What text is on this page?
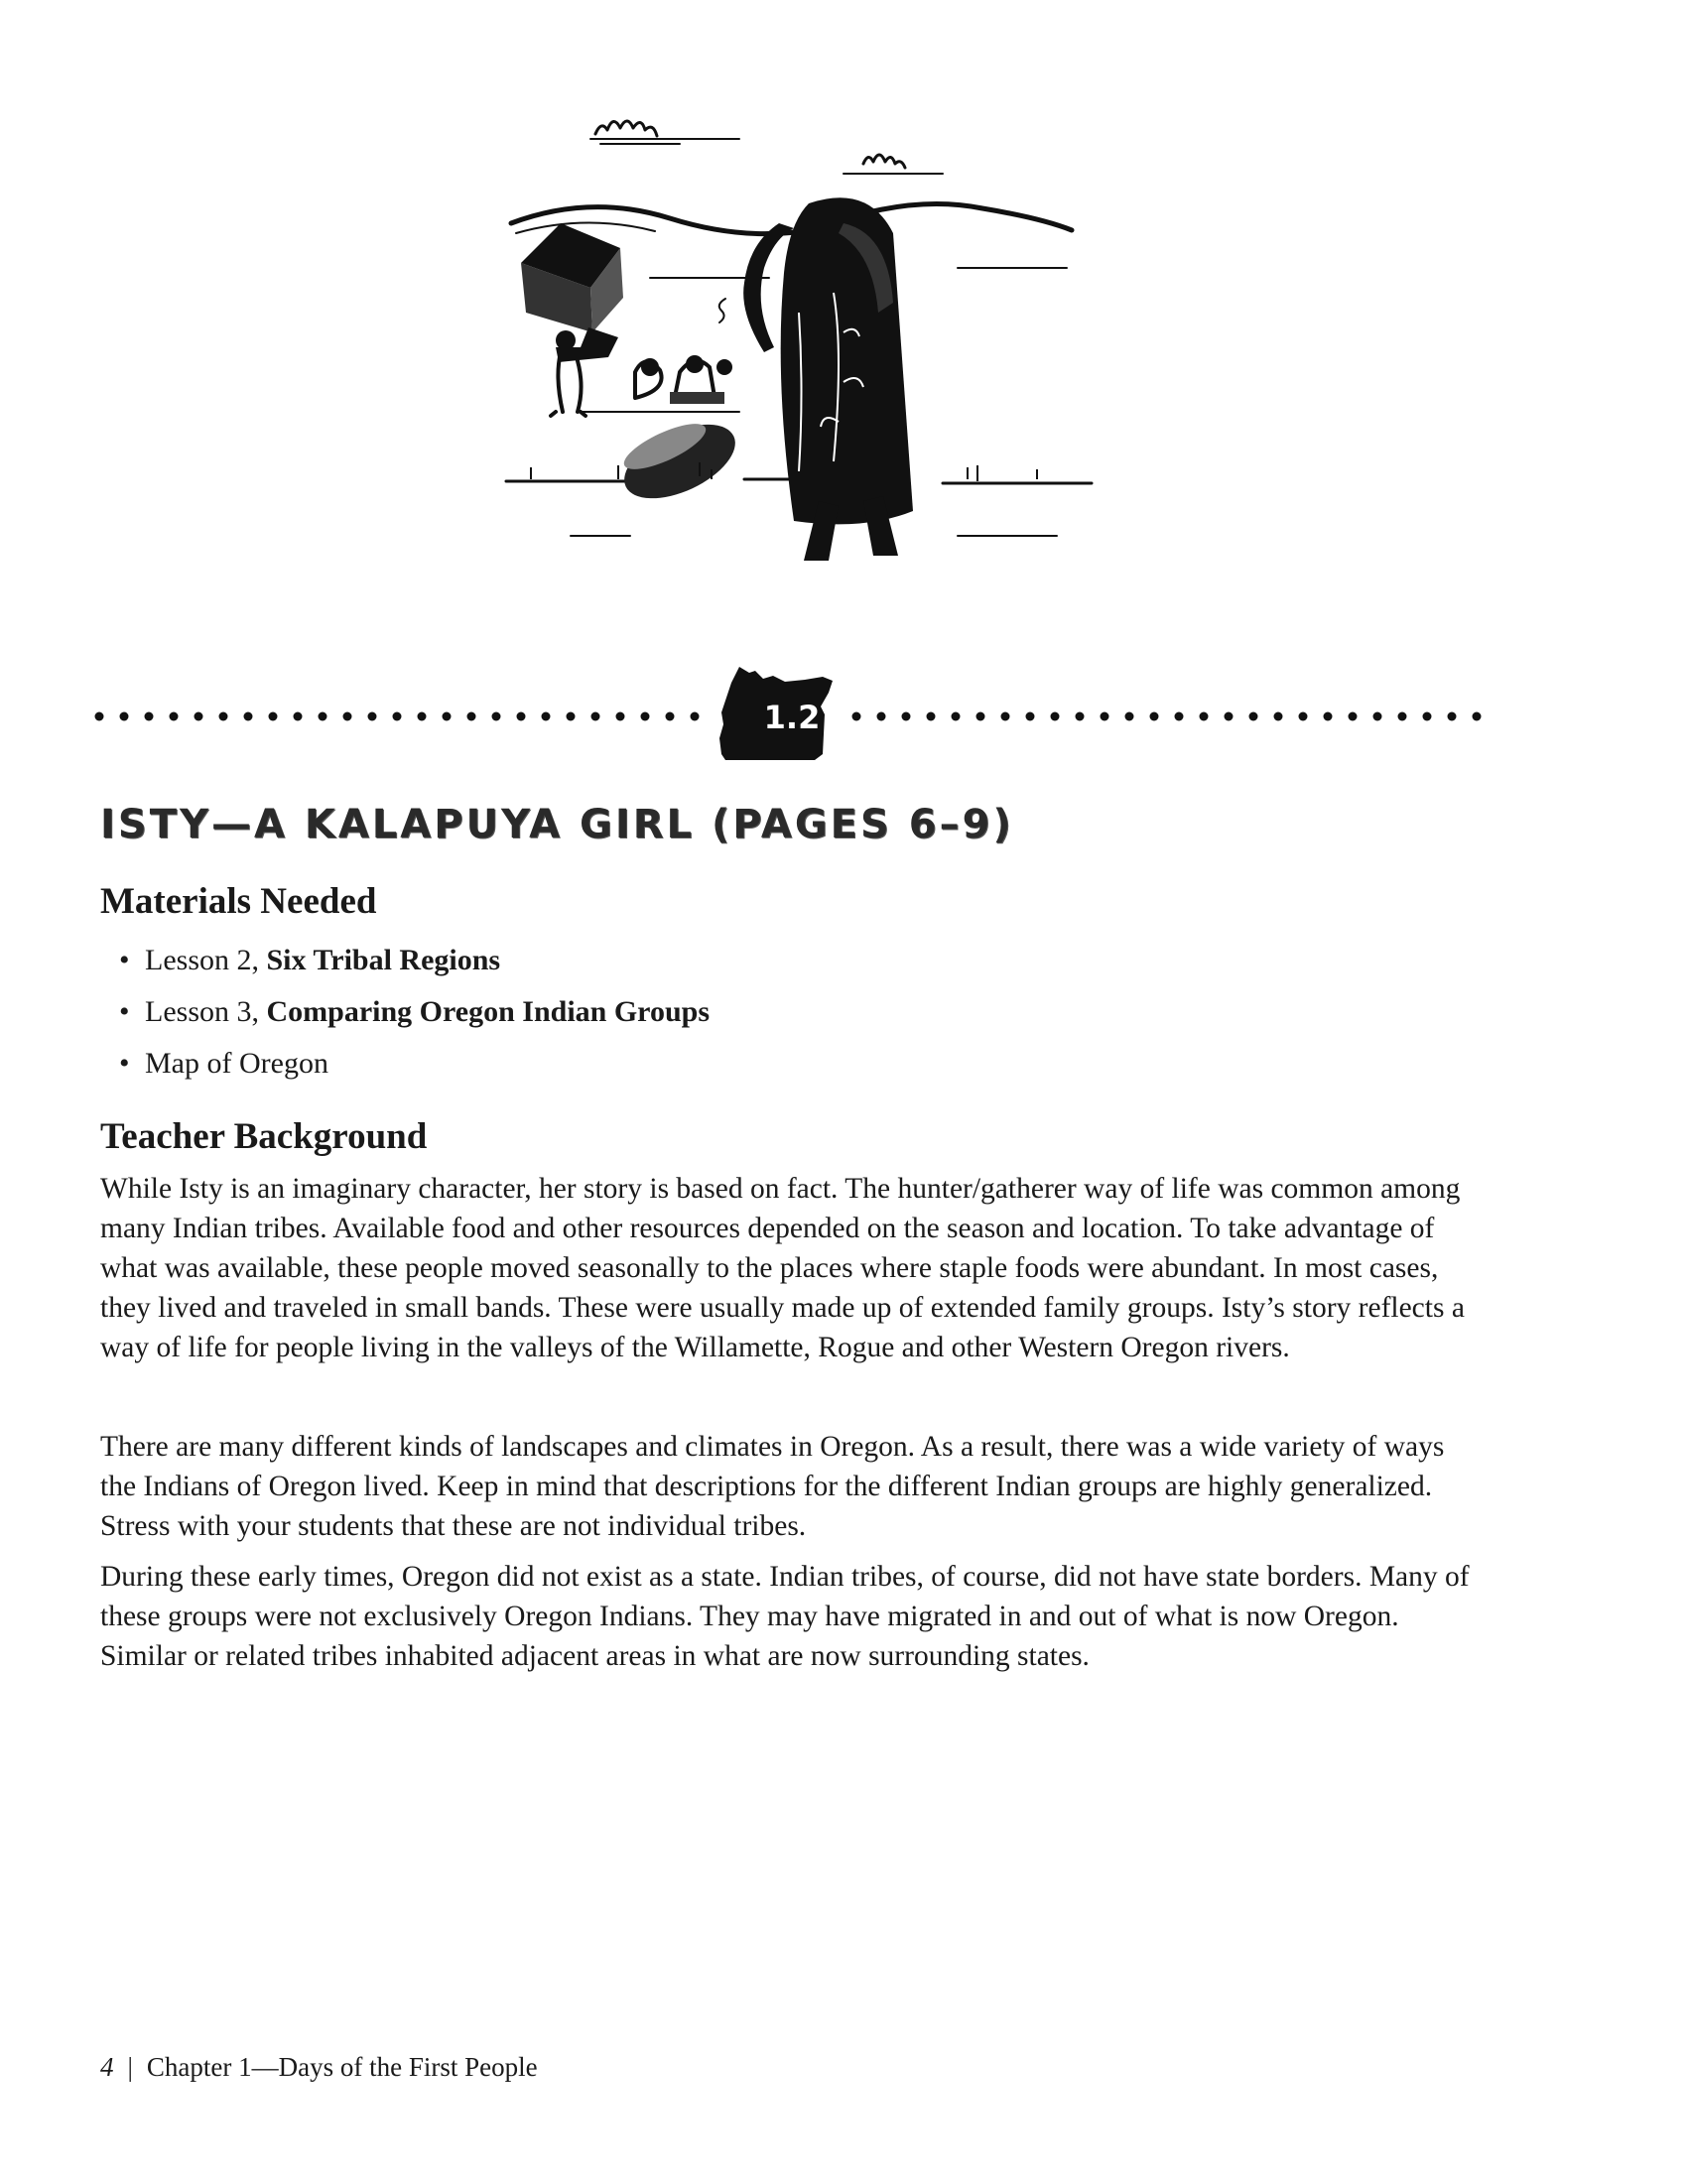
1.2
ISTY—A KALAPUYA GIRL (PAGES 6–9)
Materials Needed
• Lesson 2, Six Tribal Regions
• Lesson 3, Comparing Oregon Indian Groups
• Map of Oregon
Teacher Background

While Isty is an imaginary character, her story is based on fact. The hunter/gatherer way of life was common among many Indian tribes. Available food and other resources depended on the season and location. To take advantage of what was available, these people moved seasonally to the places where staple foods were abundant. In most cases, they lived and traveled in small bands. These were usually made up of extended family groups. Isty’s story reflects a way of life for people living in the valleys of the Willamette, Rogue and other Western Oregon rivers.

There are many different kinds of landscapes and climates in Oregon. As a result, there was a wide variety of ways the Indians of Oregon lived. Keep in mind that descriptions for the different Indian groups are highly generalized. Stress with your students that these are not individual tribes.

During these early times, Oregon did not exist as a state. Indian tribes, of course, did not have state borders. Many of these groups were not exclusively Oregon Indians. They may have migrated in and out of what is now Oregon. Similar or related tribes inhabited adjacent areas in what are now surrounding states.

4 | Chapter 1—Days of the First People
